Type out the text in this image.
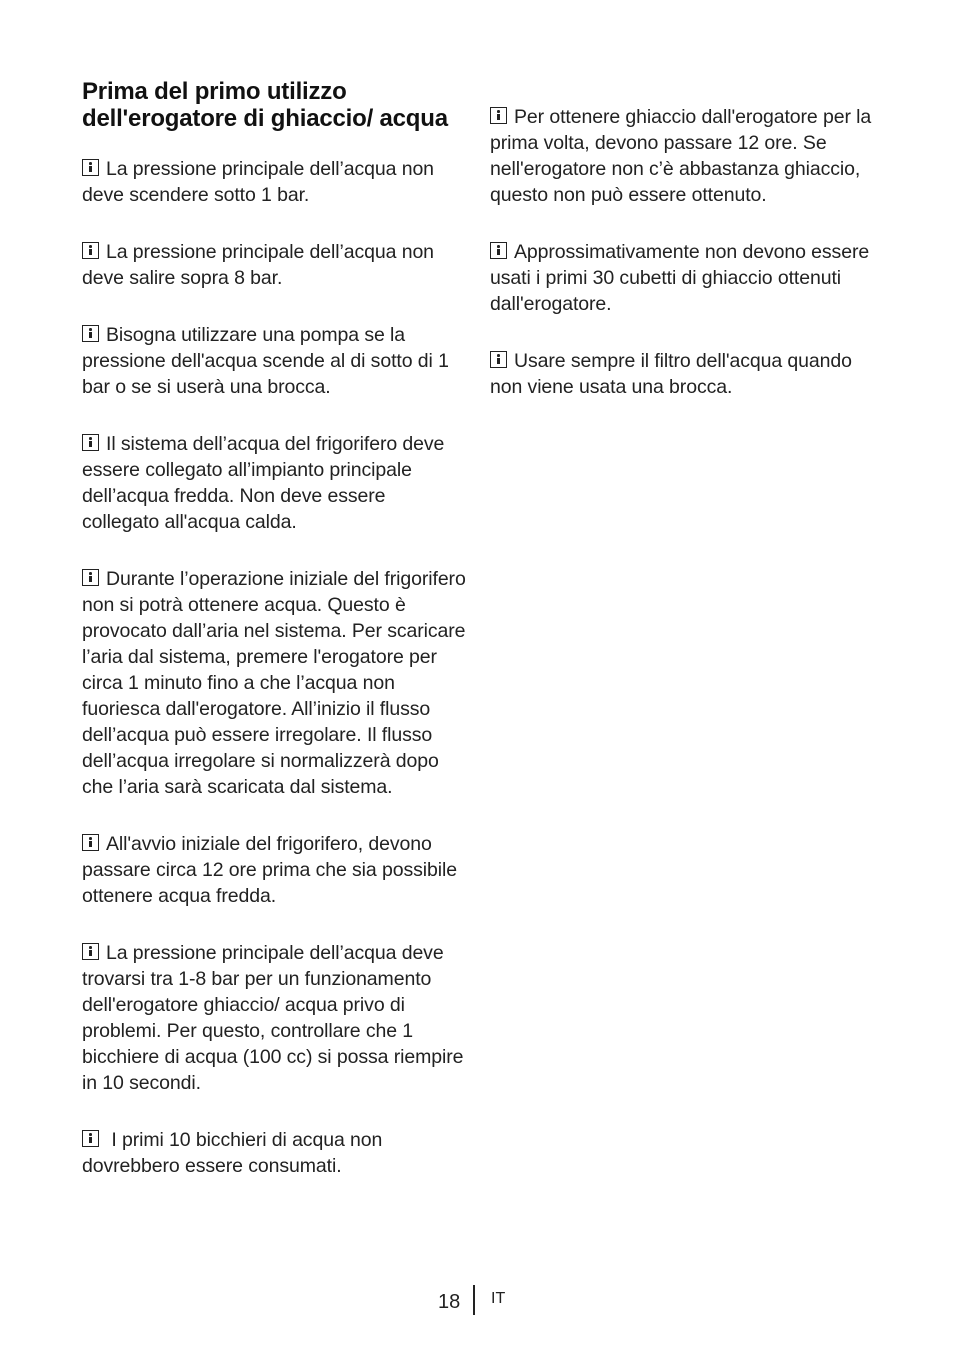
Prima del primo utilizzo dell'erogatore di ghiaccio/ acqua

La pressione principale dell’acqua non deve scendere sotto 1 bar.

La pressione principale dell’acqua non deve salire sopra 8 bar.

Bisogna utilizzare una pompa se la pressione dell'acqua scende al di sotto di 1 bar o se si userà una brocca.

Il sistema dell’acqua del frigorifero deve essere collegato all’impianto principale dell’acqua fredda. Non deve essere collegato all'acqua calda.

Durante l’operazione iniziale del frigorifero non si potrà ottenere acqua. Questo è provocato dall’aria nel sistema. Per scaricare l’aria dal sistema, premere l'erogatore per circa 1 minuto fino a che l’acqua non fuoriesca dall'erogatore. All’inizio il flusso dell’acqua può essere irregolare. Il flusso dell’acqua irregolare si normalizzerà dopo che l’aria sarà scaricata dal sistema.

All'avvio iniziale del frigorifero, devono passare circa 12 ore prima che sia possibile ottenere acqua fredda.

La pressione principale dell’acqua deve trovarsi tra 1-8 bar per un funzionamento dell'erogatore ghiaccio/ acqua privo di problemi. Per questo, controllare che 1 bicchiere di acqua (100 cc) si possa riempire in 10 secondi.

I primi 10 bicchieri di acqua non dovrebbero essere consumati.

Per ottenere ghiaccio dall'erogatore per la prima volta, devono passare 12 ore. Se nell'erogatore non c’è abbastanza ghiaccio, questo non può essere ottenuto.

Approssimativamente non devono essere usati i primi 30 cubetti di ghiaccio ottenuti dall'erogatore.

Usare sempre il filtro dell'acqua quando non viene usata una brocca.

18 IT
